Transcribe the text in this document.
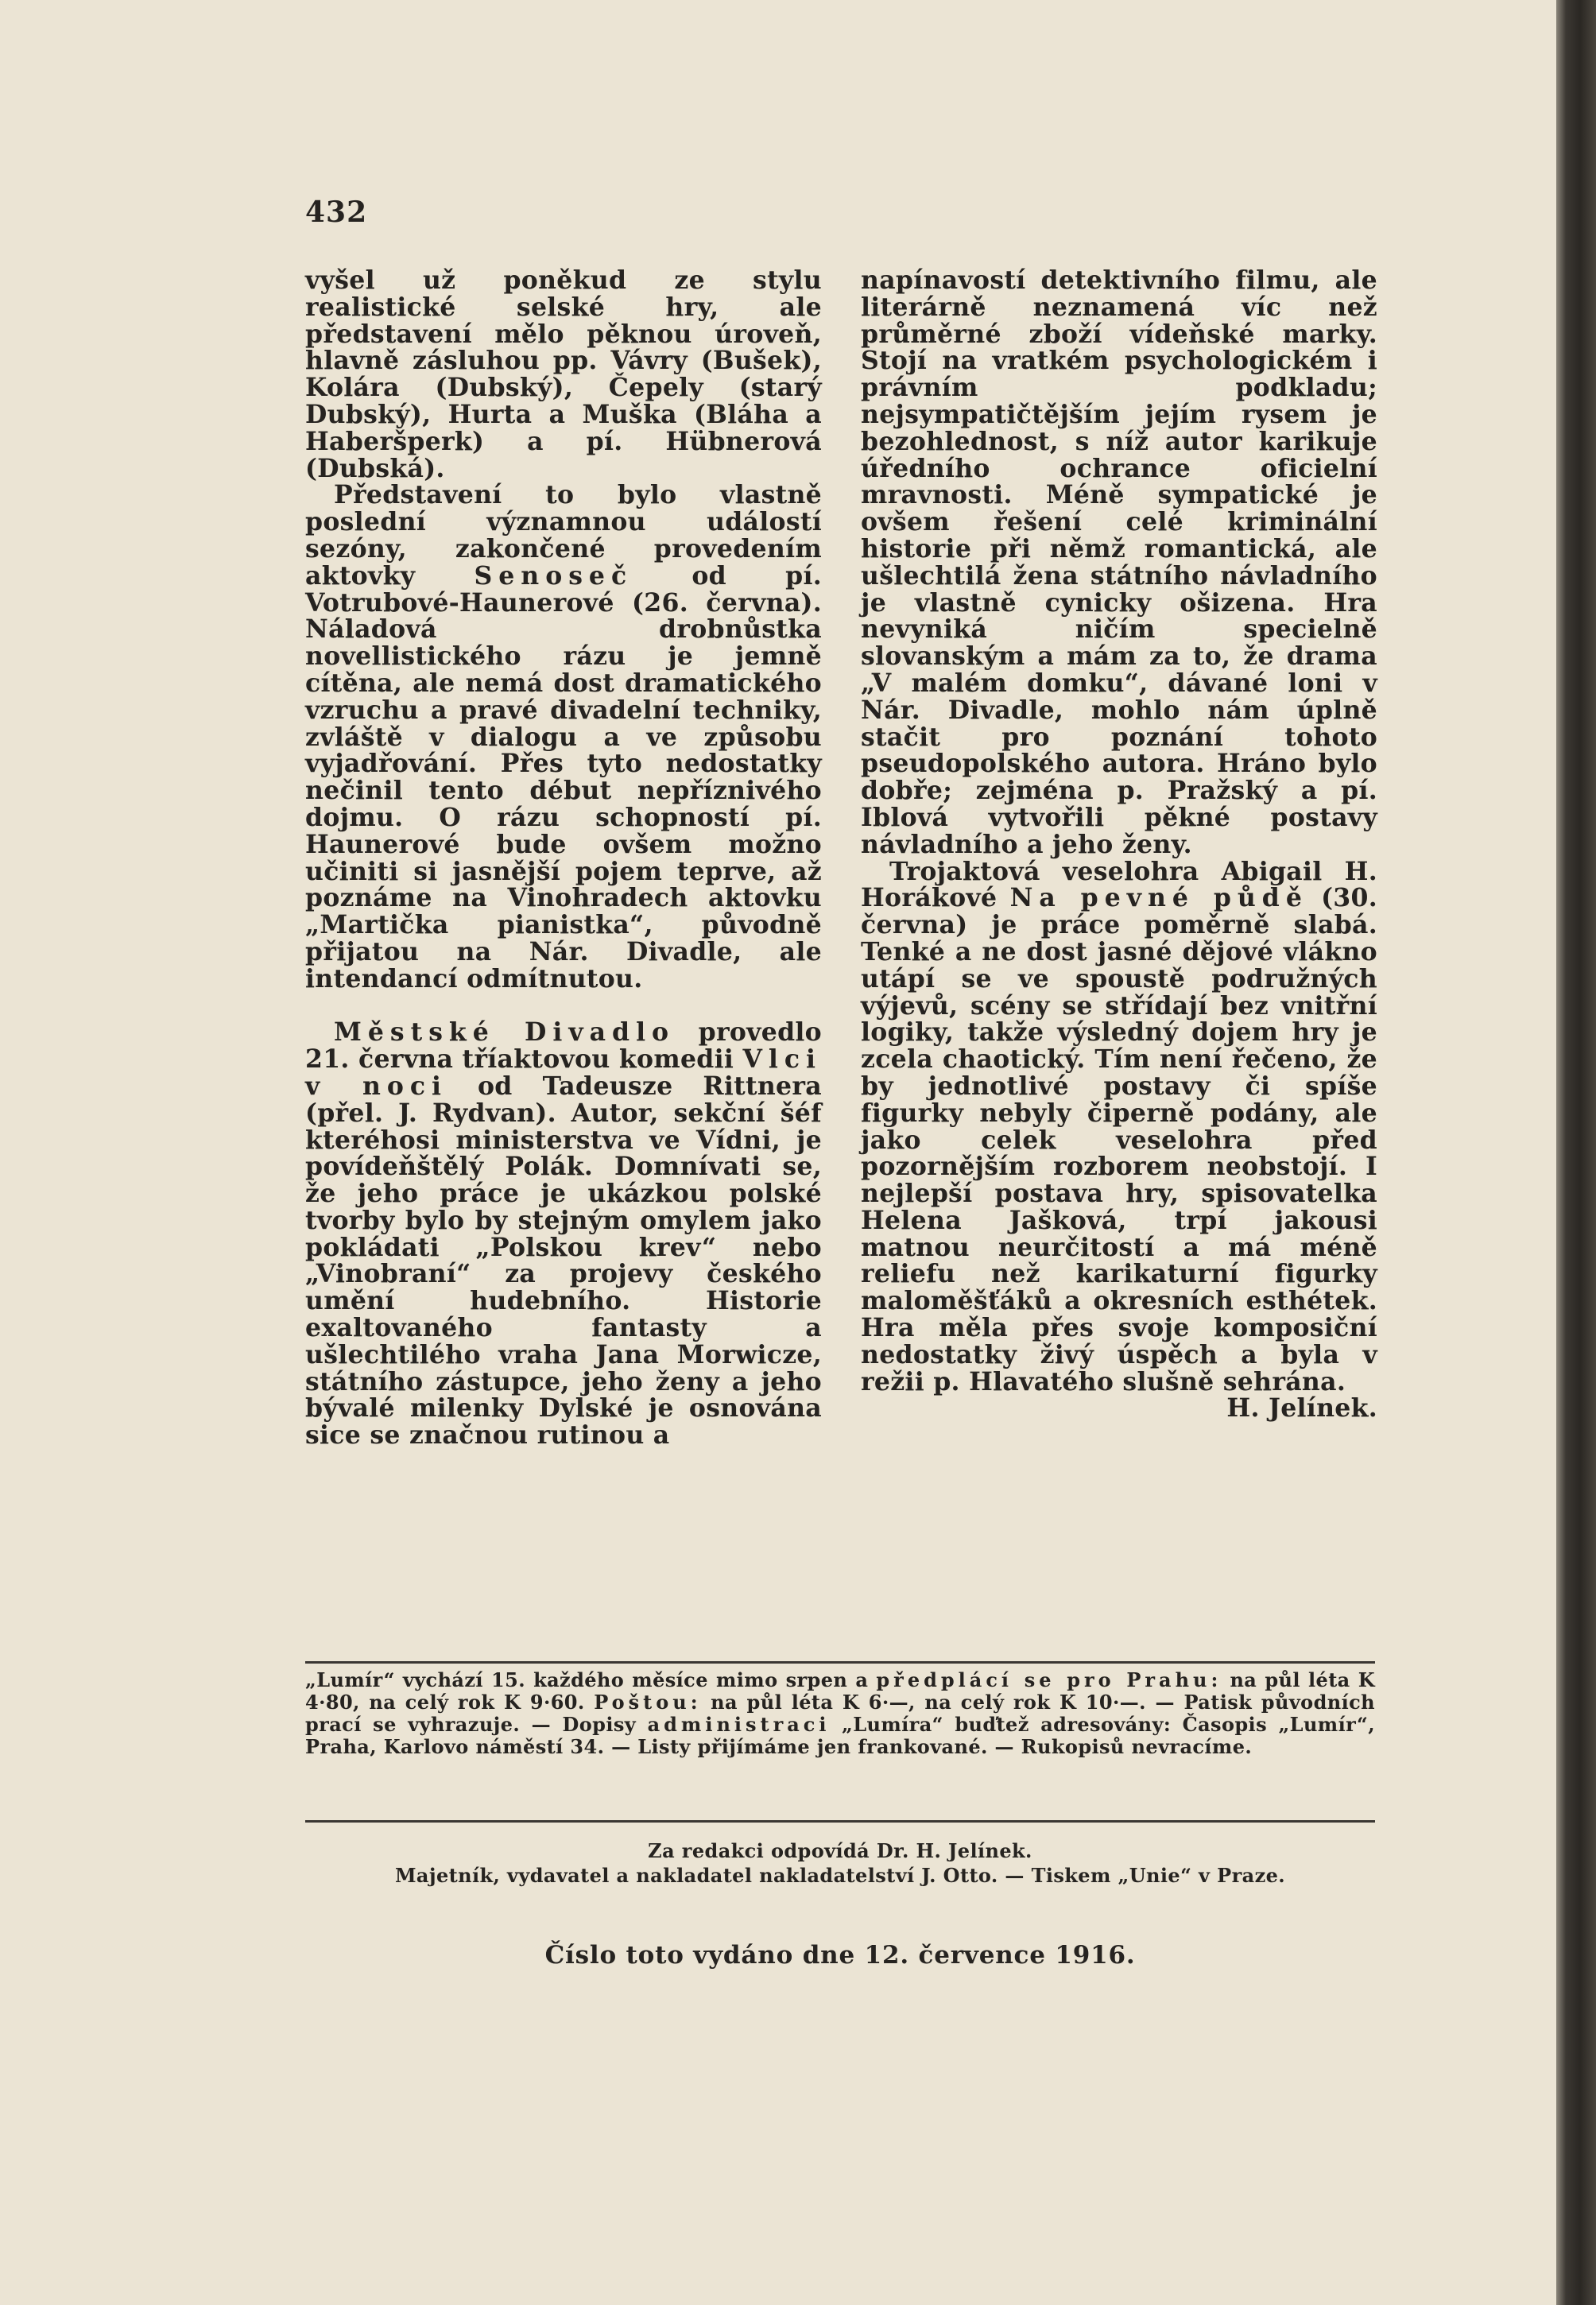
432

vyšel už poněkud ze stylu realistické selské hry, ale představení mělo pěknou úroveň, hlavně zásluhou pp. Vávry (Bušek), Kolára (Dubský), Čepely (starý Dubský), Hurta a Muška (Bláha a Haberšperk) a pí. Hübnerová (Dubská).

Představení to bylo vlastně poslední významnou událostí sezóny, zakončené provedením aktovky Senoseč od pí. Votrubové-Haunerové (26. června). Náladová drobnůstka novellistického rázu je jemně cítěna, ale nemá dost dramatického vzruchu a pravé divadelní techniky, zvláště v dialogu a ve způsobu vyjadřování. Přes tyto nedostatky nečinil tento début nepříznivého dojmu. O rázu schopností pí. Haunerové bude ovšem možno učiniti si jasnější pojem teprve, až poznáme na Vinohradech aktovku „Martička pianistka“, původně přijatou na Nár. Divadle, ale intendancí odmítnutou.

Městské Divadlo provedlo 21. června tříaktovou komedii Vlci v noci od Tadeusze Rittnera (přel. J. Rydvan). Autor, sekční šéf kteréhosi ministerstva ve Vídni, je povídeňštělý Polák. Domnívati se, že jeho práce je ukázkou polské tvorby bylo by stejným omylem jako pokládati „Polskou krev“ nebo „Vinobraní“ za projevy českého umění hudebního. Historie exaltovaného fantasty a ušlechtilého vraha Jana Morwicze, státního zástupce, jeho ženy a jeho bývalé milenky Dylské je osnována sice se značnou rutinou a

napínavostí detektivního filmu, ale literárně neznamená víc než průměrné zboží vídeňské marky. Stojí na vratkém psychologickém i právním podkladu; nejsympatičtějším jejím rysem je bezohlednost, s níž autor karikuje úředního ochrance oficielní mravnosti. Méně sympatické je ovšem řešení celé kriminální historie při němž romantická, ale ušlechtilá žena státního návladního je vlastně cynicky ošizena. Hra nevyniká ničím specielně slovanským a mám za to, že drama „V malém domku“, dávané loni v Nár. Divadle, mohlo nám úplně stačit pro poznání tohoto pseudopolského autora. Hráno bylo dobře; zejména p. Pražský a pí. Iblová vytvořili pěkné postavy návladního a jeho ženy.

Trojaktová veselohra Abigail H. Horákové Na pevné půdě (30. června) je práce poměrně slabá. Tenké a ne dost jasné dějové vlákno utápí se ve spoustě podružných výjevů, scény se střídají bez vnitřní logiky, takže výsledný dojem hry je zcela chaotický. Tím není řečeno, že by jednotlivé postavy či spíše figurky nebyly čiperně podány, ale jako celek veselohra před pozornějším rozborem neobstojí. I nejlepší postava hry, spisovatelka Helena Jašková, trpí jakousi matnou neurčitostí a má méně reliefu než karikaturní figurky maloměšťáků a okresních esthétek. Hra měla přes svoje komposiční nedostatky živý úspěch a byla v režii p. Hlavatého slušně sehrána.

H. Jelínek.
„Lumír“ vychází 15. každého měsíce mimo srpen a předplácí se pro Prahu: na půl léta K 4·80, na celý rok K 9·60. Poštou: na půl léta K 6·—, na celý rok K 10·—. — Patisk původních prací se vyhrazuje. — Dopisy administraci „Lumíra“ buďtež adresovány: Časopis „Lumír“, Praha, Karlovo náměstí 34. — Listy přijímáme jen frankované. — Rukopisů nevracíme.
Za redakci odpovídá Dr. H. Jelínek.
Majetník, vydavatel a nakladatel nakladatelství J. Otto. — Tiskem „Unie“ v Praze.
Číslo toto vydáno dne 12. července 1916.
